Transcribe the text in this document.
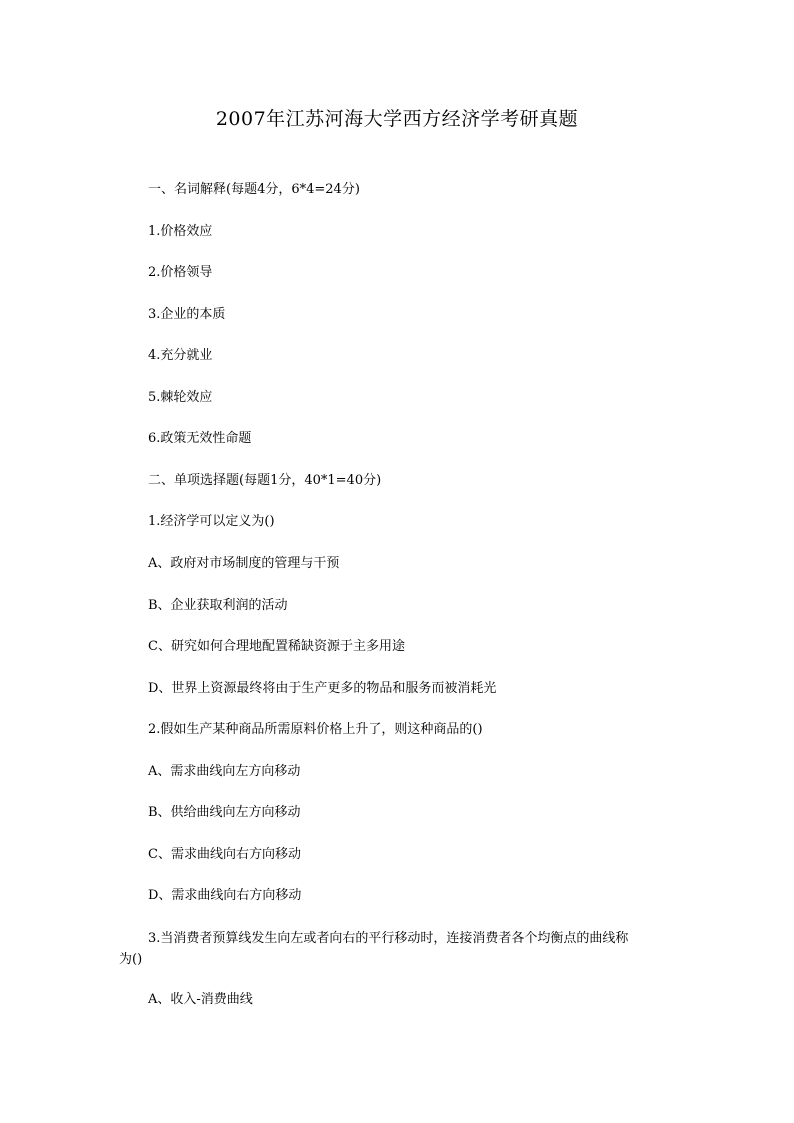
2007年江苏河海大学西方经济学考研真题
一、名词解释(每题4分，6*4=24分)
1.价格效应
2.价格领导
3.企业的本质
4.充分就业
5.棘轮效应
6.政策无效性命题
二、单项选择题(每题1分，40*1=40分)
1.经济学可以定义为()
A、政府对市场制度的管理与干预
B、企业获取利润的活动
C、研究如何合理地配置稀缺资源于主多用途
D、世界上资源最终将由于生产更多的物品和服务而被消耗光
2.假如生产某种商品所需原料价格上升了，则这种商品的()
A、需求曲线向左方向移动
B、供给曲线向左方向移动
C、需求曲线向右方向移动
D、需求曲线向右方向移动
3.当消费者预算线发生向左或者向右的平行移动时，连接消费者各个均衡点的曲线称为()
A、收入-消费曲线
